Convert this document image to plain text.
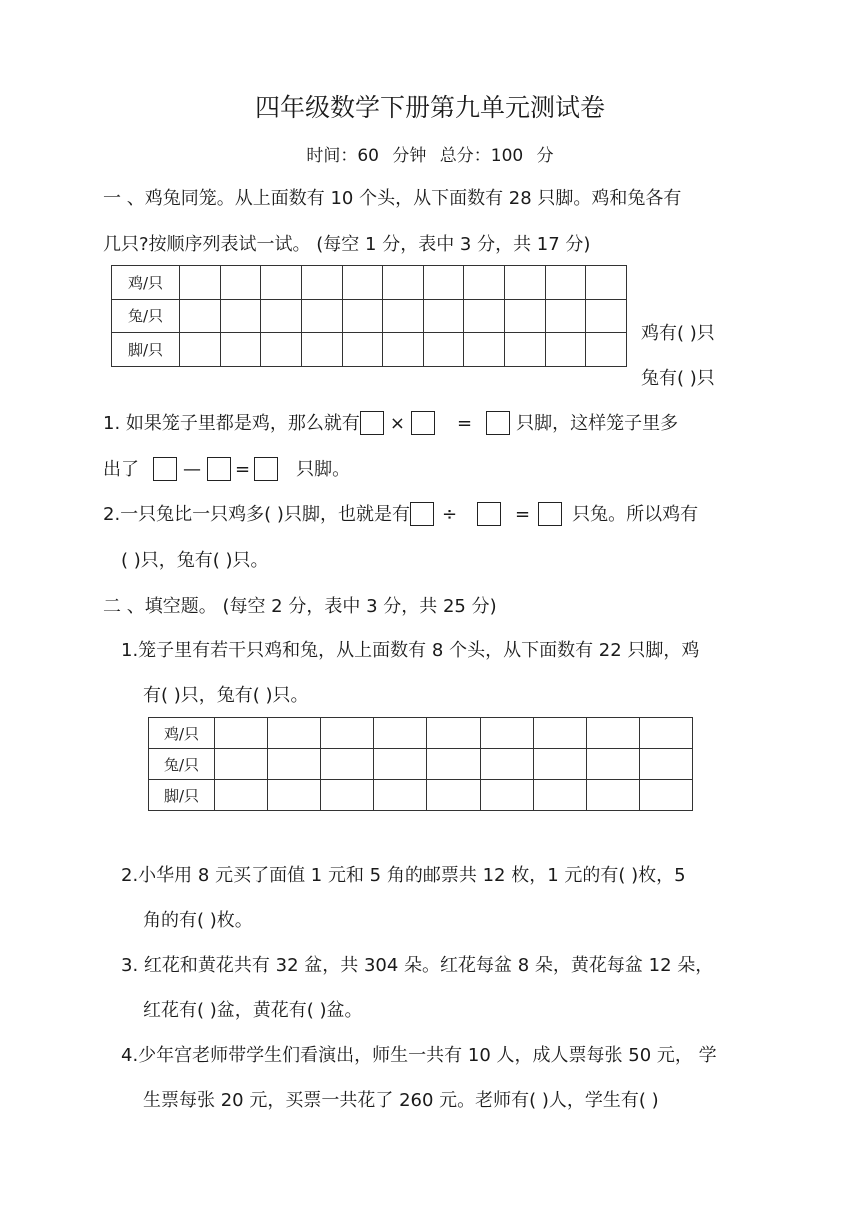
四年级数学下册第九单元测试卷
时间：60 分钟 总分：100 分
一 、鸡兔同笼。从上面数有 10 个头，从下面数有 28 只脚。鸡和兔各有
几只?按顺序列表试一试。 (每空 1 分，表中 3 分，共 17 分)
鸡/只											
兔/只											
脚/只											
鸡有( )只
兔有( )只
1. 如果笼子里都是鸡，那么就有 ×	= 只脚，这样笼子里多
出了 — =	只脚。
2.一只兔比一只鸡多( )只脚，也就是有 ÷	= 只兔。所以鸡有
( )只，兔有( )只。
二 、填空题。 (每空 2 分，表中 3 分，共 25 分)
1.笼子里有若干只鸡和兔，从上面数有 8 个头，从下面数有 22 只脚，鸡
有( )只，兔有( )只。
鸡/只									
兔/只									
脚/只									
2.小华用 8 元买了面值 1 元和 5 角的邮票共 12 枚，1 元的有( )枚，5
角的有( )枚。
3. 红花和黄花共有 32 盆，共 304 朵。红花每盆 8 朵，黄花每盆 12 朵，
红花有( )盆，黄花有( )盆。
4.少年宫老师带学生们看演出，师生一共有 10 人，成人票每张 50 元， 学
生票每张 20 元，买票一共花了 260 元。老师有( )人，学生有( )
